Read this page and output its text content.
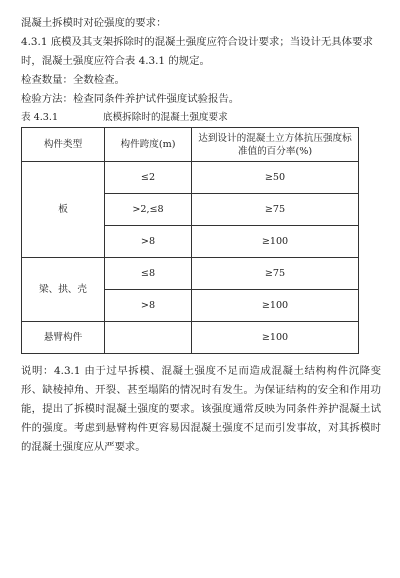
混凝土拆模时对砼强度的要求：

4.3.1 底模及其支架拆除时的混凝土强度应符合设计要求；当设计无具体要求时，混凝土强度应符合表 4.3.1 的规定。

检查数量：全数检查。

检验方法：检查同条件养护试件强度试验报告。

表 4.3.1	底模拆除时的混凝土强度要求
构件类型	构件跨度(m)	达到设计的混凝土立方体抗压强度标准值的百分率(%)
板	≤2	≥50
	>2,≤8	≥75
	>8	≥100
梁、拱、壳	≤8	≥75
	>8	≥100
悬臂构件		≥100

说明：4.3.1 由于过早拆模、混凝土强度不足而造成混凝土结构构件沉降变形、缺棱掉角、开裂、甚至塌陷的情况时有发生。为保证结构的安全和作用功能，提出了拆模时混凝土强度的要求。该强度通常反映为同条件养护混凝土试件的强度。考虑到悬臂构件更容易因混凝土强度不足而引发事故，对其拆模时的混凝土强度应从严要求。
